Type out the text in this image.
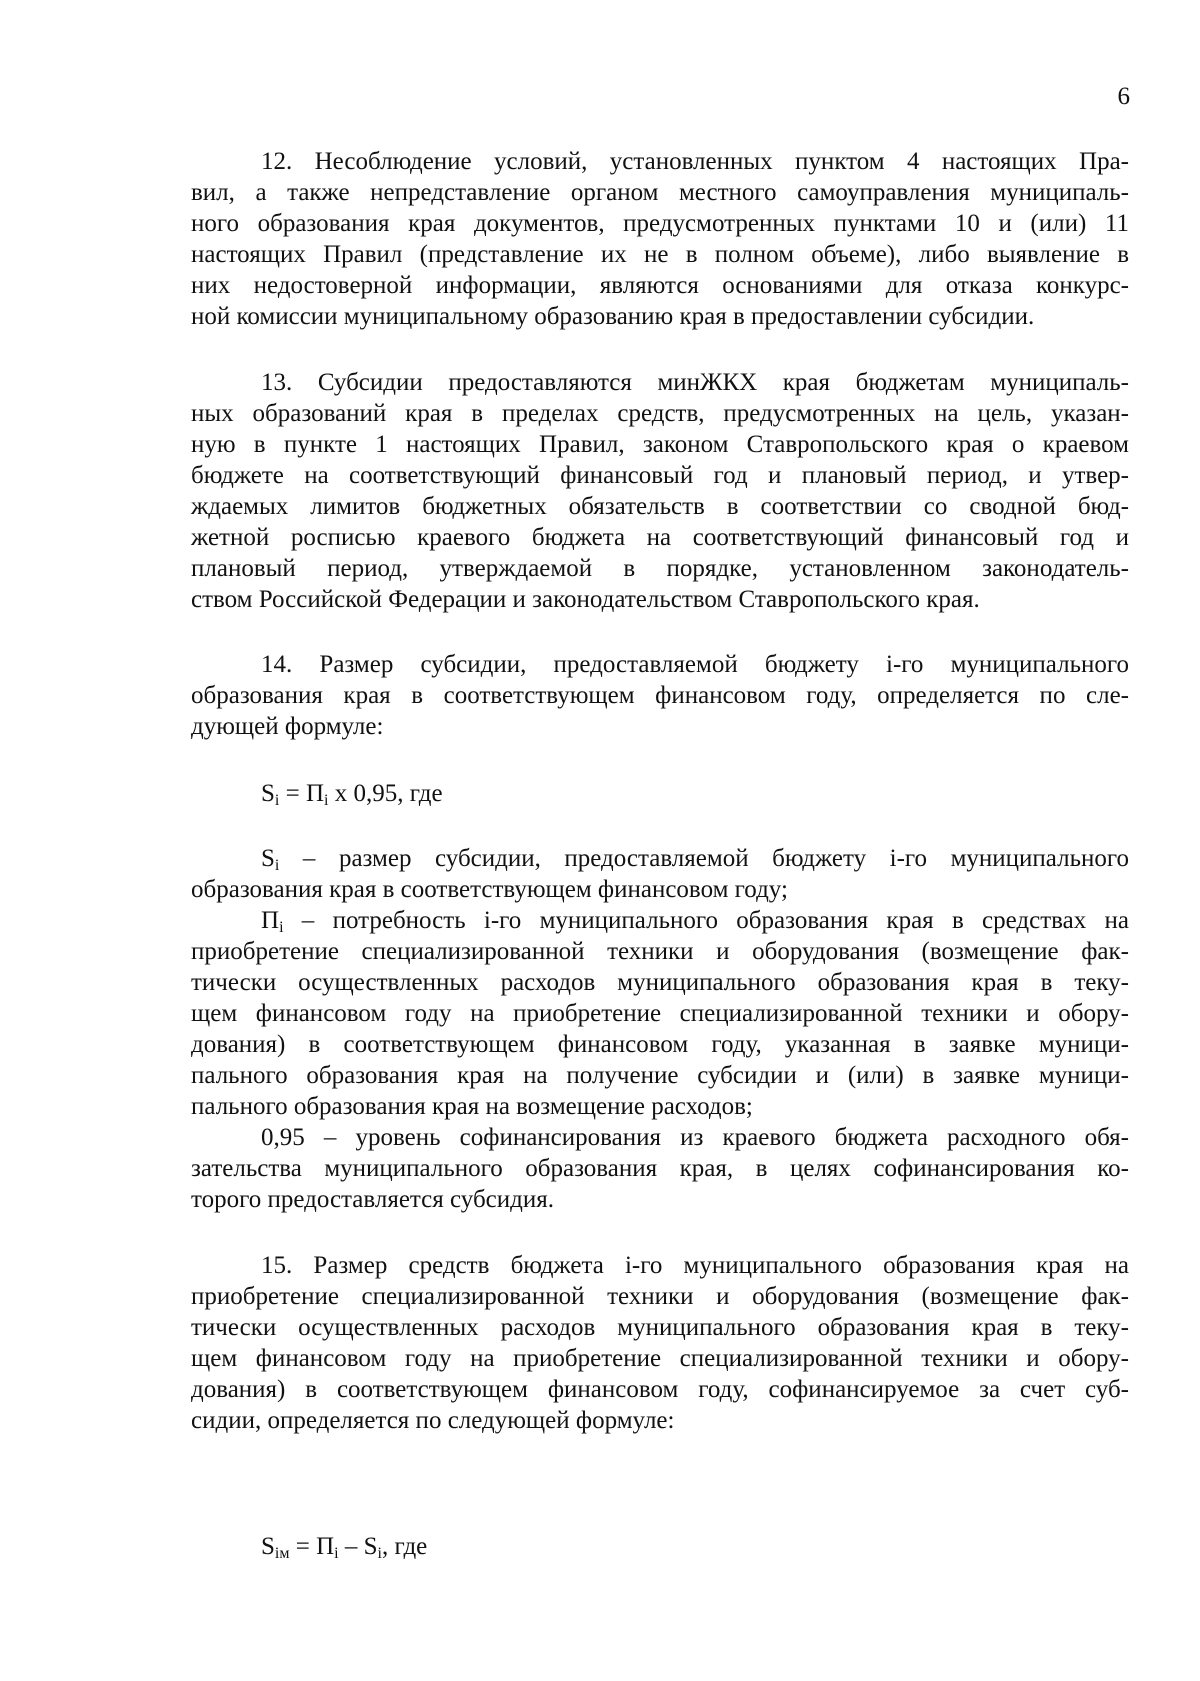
6
12. Несоблюдение условий, установленных пунктом 4 настоящих Пра-
вил, а также непредставление органом местного самоуправления муниципаль-
ного образования края документов, предусмотренных пунктами 10 и (или) 11
настоящих Правил (представление их не в полном объеме), либо выявление в
них недостоверной информации, являются основаниями для отказа конкурс-
ной комиссии муниципальному образованию края в предоставлении субсидии.
13. Субсидии предоставляются минЖКХ края бюджетам муниципаль-
ных образований края в пределах средств, предусмотренных на цель, указан-
ную в пункте 1 настоящих Правил, законом Ставропольского края о краевом
бюджете на соответствующий финансовый год и плановый период, и утвер-
ждаемых лимитов бюджетных обязательств в соответствии со сводной бюд-
жетной росписью краевого бюджета на соответствующий финансовый год и
плановый период, утверждаемой в порядке, установленном законодатель-
ством Российской Федерации и законодательством Ставропольского края.
14. Размер субсидии, предоставляемой бюджету i-го муниципального
образования края в соответствующем финансовом году, определяется по сле-
дующей формуле:
$S_i = П_i$ x 0,95, где
$S_i$ – размер субсидии, предоставляемой бюджету i-го муниципального
образования края в соответствующем финансовом году;
$П_i$ – потребность i-го муниципального образования края в средствах на
приобретение специализированной техники и оборудования (возмещение фак-
тически осуществленных расходов муниципального образования края в теку-
щем финансовом году на приобретение специализированной техники и обору-
дования) в соответствующем финансовом году, указанная в заявке муници-
пального образования края на получение субсидии и (или) в заявке муници-
пального образования края на возмещение расходов;
0,95 – уровень софинансирования из краевого бюджета расходного обя-
зательства муниципального образования края, в целях софинансирования ко-
торого предоставляется субсидия.
15. Размер средств бюджета i-го муниципального образования края на
приобретение специализированной техники и оборудования (возмещение фак-
тически осуществленных расходов муниципального образования края в теку-
щем финансовом году на приобретение специализированной техники и обору-
дования) в соответствующем финансовом году, софинансируемое за счет суб-
сидии, определяется по следующей формуле:
$S_{iм} = П_i - S_i$, где
